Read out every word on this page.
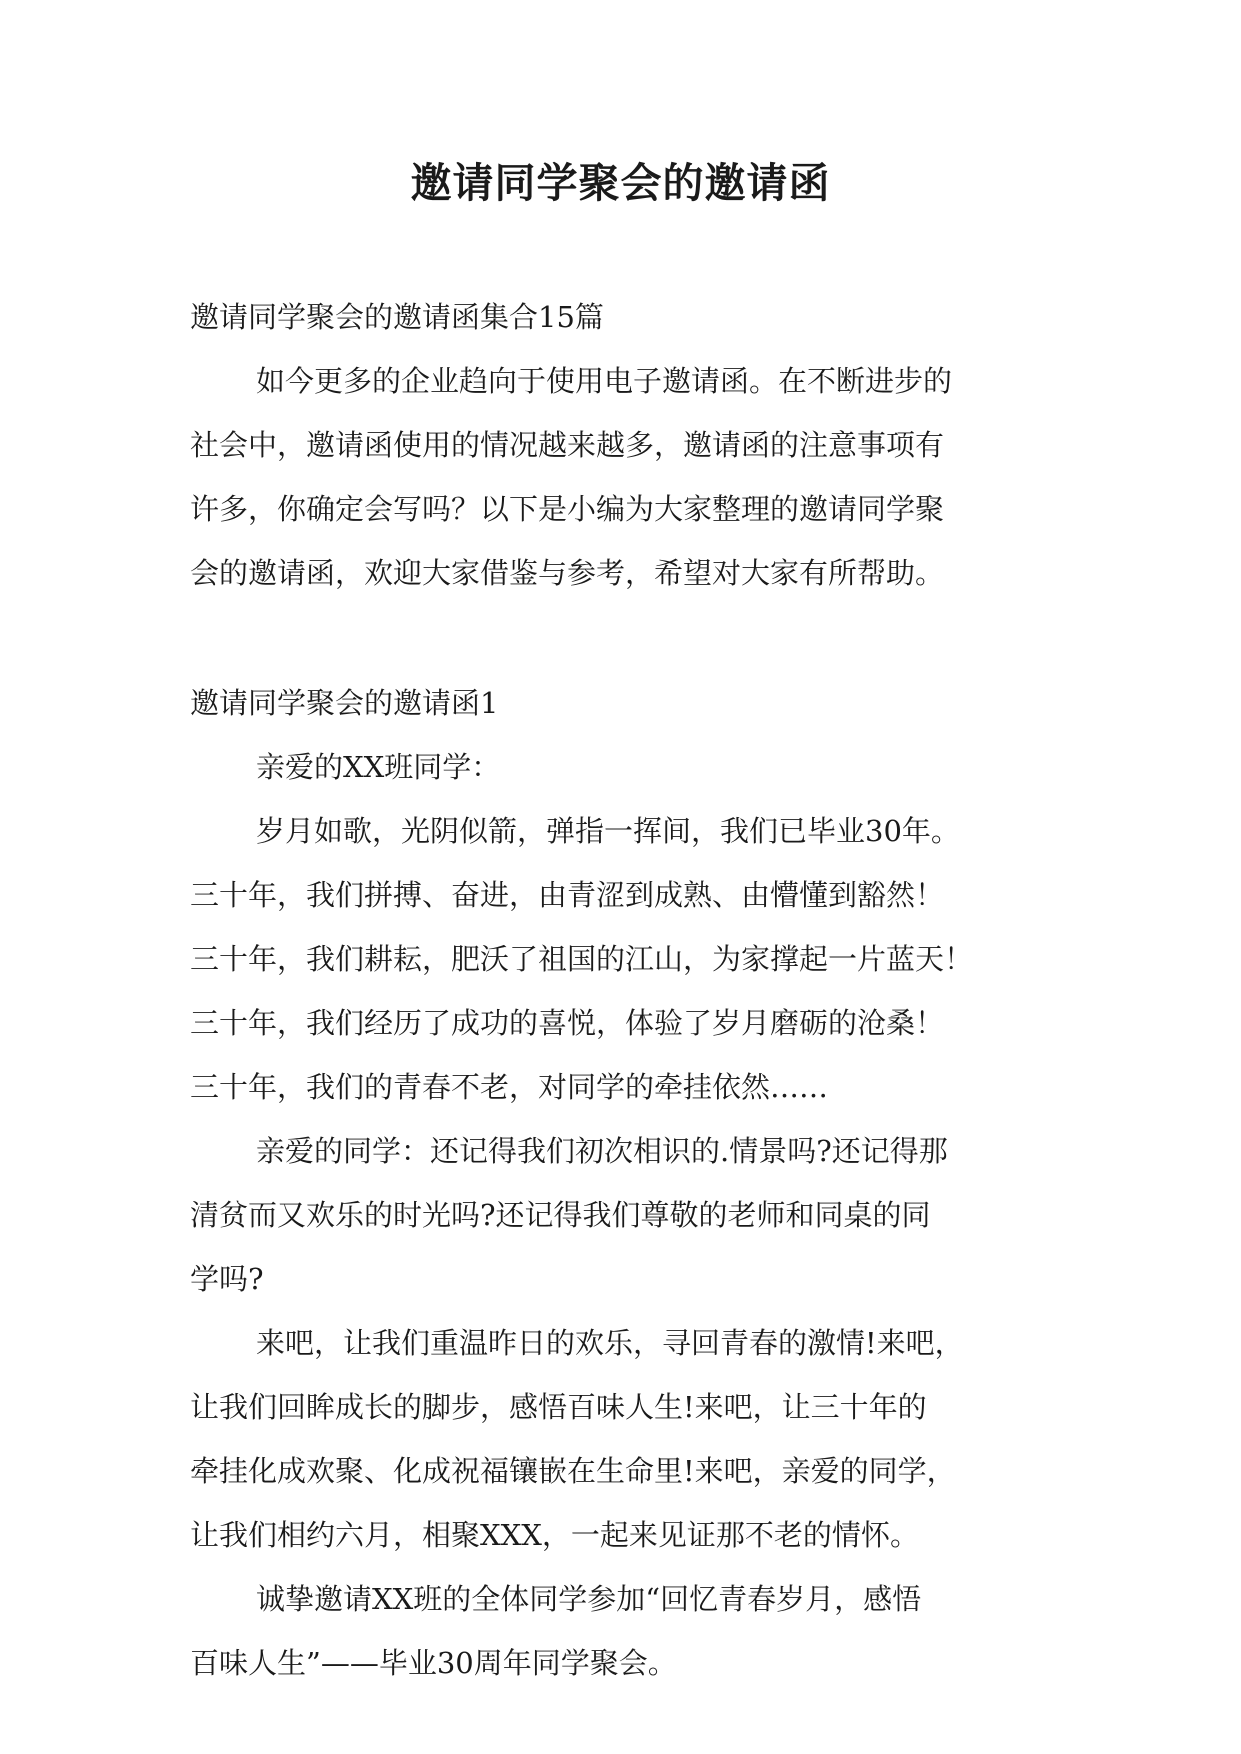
邀请同学聚会的邀请函
邀请同学聚会的邀请函集合15篇
如今更多的企业趋向于使用电子邀请函。在不断进步的
社会中，邀请函使用的情况越来越多，邀请函的注意事项有
许多，你确定会写吗？以下是小编为大家整理的邀请同学聚
会的邀请函，欢迎大家借鉴与参考，希望对大家有所帮助。
邀请同学聚会的邀请函1
亲爱的XX班同学：
岁月如歌，光阴似箭，弹指一挥间，我们已毕业30年。
三十年，我们拼搏、奋进，由青涩到成熟、由懵懂到豁然！
三十年，我们耕耘，肥沃了祖国的江山，为家撑起一片蓝天！
三十年，我们经历了成功的喜悦，体验了岁月磨砺的沧桑！
三十年，我们的青春不老，对同学的牵挂依然……
亲爱的同学：还记得我们初次相识的.情景吗?还记得那
清贫而又欢乐的时光吗?还记得我们尊敬的老师和同桌的同
学吗?
来吧，让我们重温昨日的欢乐，寻回青春的激情!来吧，
让我们回眸成长的脚步，感悟百味人生!来吧，让三十年的
牵挂化成欢聚、化成祝福镶嵌在生命里!来吧，亲爱的同学，
让我们相约六月，相聚XXX，一起来见证那不老的情怀。
诚挚邀请XX班的全体同学参加“回忆青春岁月，感悟
百味人生”——毕业30周年同学聚会。
